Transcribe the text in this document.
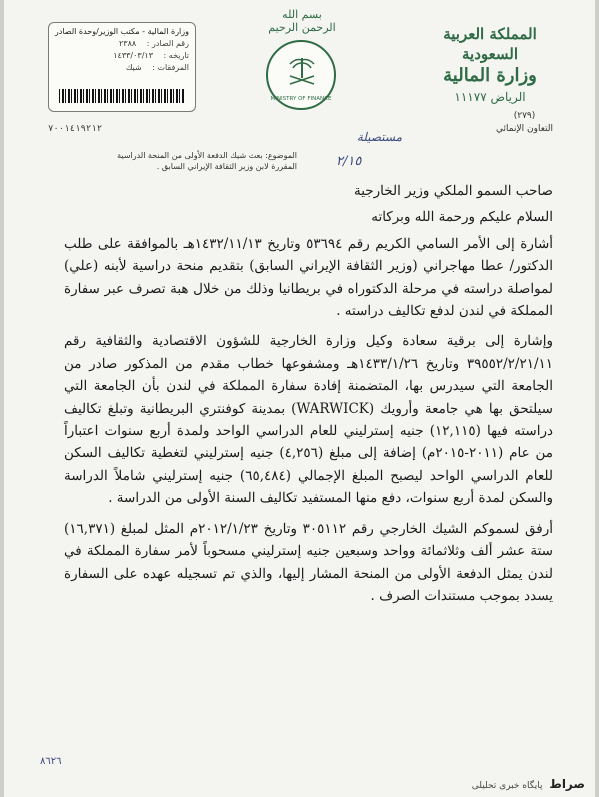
وزارة المالية - مكتب الوزير/وحدة الصادر
رقم الصادر : ٢٣٨٨
تاريخه : ١٤٣٣/٠٣/١٣
المرفقات : شيك
٧٠٠١٤١٩٢١٢
بسم الله الرحمن الرحيم
MINISTRY OF FINANCE
المملكة العربية السعودية
وزارة المالية
الرياض ١١١٧٧
(٢٧٩)
التعاون الإنمائي
الموضوع: بعث شيك الدفعة الأولى من المنحة الدراسية
المقررة لابن وزير الثقافة الإيراني السابق .
مستصيلة
٢/١٥

صاحب السمو الملكي وزير الخارجية

السلام عليكم ورحمة الله وبركاته

أشارة إلى الأمر السامي الكريم رقم ٥٣٦٩٤ وتاريخ ١٤٣٢/١١/١٣هـ بالموافقة على طلب الدكتور/ عطا مهاجراني (وزير الثقافة الإيراني السابق) بتقديم منحة دراسية لأبنه (علي) لمواصلة دراسته في مرحلة الدكتوراه في بريطانيا وذلك من خلال هبة تصرف عبر سفارة المملكة في لندن لدفع تكاليف دراسته .

وإشارة إلى برقية سعادة وكيل وزارة الخارجية للشؤون الاقتصادية والثقافية رقم ٣٩٥٥٢/٢/٢١/١١ وتاريخ ١٤٣٣/١/٢٦هـ ومشفوعها خطاب مقدم من المذكور صادر من الجامعة التي سيدرس بها، المتضمنة إفادة سفارة المملكة في لندن بأن الجامعة التي سيلتحق بها هي جامعة وأرويك (WARWICK) بمدينة كوفنتري البريطانية وتبلغ تكاليف دراسته فيها (١٢,١١٥) جنيه إسترليني للعام الدراسي الواحد ولمدة أربع سنوات اعتباراً من عام (٢٠١١-٢٠١٥م) إضافة إلى مبلغ (٤,٢٥٦) جنيه إسترليني لتغطية تكاليف السكن للعام الدراسي الواحد ليصبح المبلغ الإجمالي (٦٥,٤٨٤) جنيه إسترليني شاملاً الدراسة والسكن لمدة أربع سنوات، دفع منها المستفيد تكاليف السنة الأولى من الدراسة .

أرفق لسموكم الشيك الخارجي رقم ٣٠٥١١٢ وتاريخ ٢٠١٢/١/٢٣م المثل لمبلغ (١٦,٣٧١) ستة عشر ألف وثلاثمائة وواحد وسبعين جنيه إسترليني مسحوباً لأمر سفارة المملكة في لندن يمثل الدفعة الأولى من المنحة المشار إليها، والذي تم تسجيله عهده على السفارة يسدد بموجب مستندات الصرف .

٨٦٢٦
صراط پایگاه خبری تحلیلی
